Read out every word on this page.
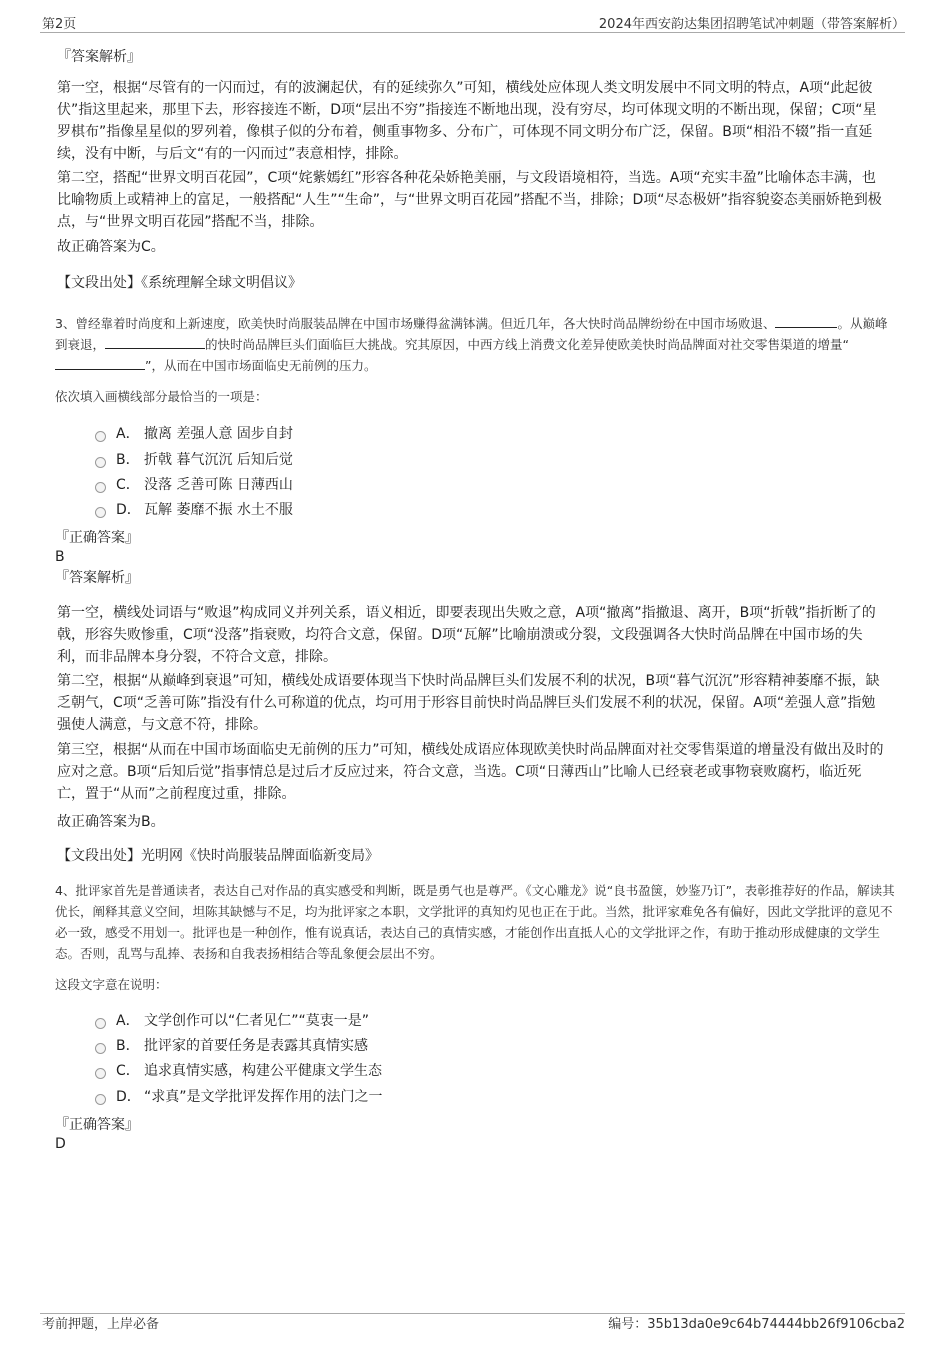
第2页	2024年西安韵达集团招聘笔试冲刺题（带答案解析）
『答案解析』
第一空，根据“尽管有的一闪而过，有的波澜起伏，有的延续弥久”可知，横线处应体现人类文明发展中不同文明的特点，A项“此起彼伏”指这里起来，那里下去，形容接连不断，D项“层出不穷”指接连不断地出现，没有穷尽，均可体现文明的不断出现，保留；C项“星罗棋布”指像星星似的罗列着，像棋子似的分布着，侧重事物多、分布广，可体现不同文明分布广泛，保留。B项“相沿不辍”指一直延续，没有中断，与后文“有的一闪而过”表意相悖，排除。
第二空，搭配“世界文明百花园”，C项“姹紫嫣红”形容各种花朵娇艳美丽，与文段语境相符，当选。A项“充实丰盈”比喻体态丰满，也比喻物质上或精神上的富足，一般搭配“人生”“生命”，与“世界文明百花园”搭配不当，排除；D项“尽态极妍”指容貌姿态美丽娇艳到极点，与“世界文明百花园”搭配不当，排除。
故正确答案为C。
【文段出处】《系统理解全球文明倡议》
3、曾经靠着时尚度和上新速度，欧美快时尚服装品牌在中国市场赚得盆满钵满。但近几年，各大快时尚品牌纷纷在中国市场败退、	。从巅峰到衰退，	的快时尚品牌巨头们面临巨大挑战。究其原因，中西方线上消费文化差异使欧美快时尚品牌面对社交零售渠道的增量“”，从而在中国市场面临史无前例的压力。
依次填入画横线部分最恰当的一项是：
A． 撤离 差强人意 固步自封
B． 折戟 暮气沉沉 后知后觉
C． 没落 乏善可陈 日薄西山
D． 瓦解 萎靡不振 水土不服
『正确答案』
B
『答案解析』
第一空，横线处词语与“败退”构成同义并列关系，语义相近，即要表现出失败之意，A项“撤离”指撤退、离开，B项“折戟”指折断了的戟，形容失败惨重，C项“没落”指衰败，均符合文意，保留。D项“瓦解”比喻崩溃或分裂，文段强调各大快时尚品牌在中国市场的失利，而非品牌本身分裂，不符合文意，排除。
第二空，根据“从巅峰到衰退”可知，横线处成语要体现当下快时尚品牌巨头们发展不利的状况，B项“暮气沉沉”形容精神萎靡不振，缺乏朝气，C项“乏善可陈”指没有什么可称道的优点，均可用于形容目前快时尚品牌巨头们发展不利的状况，保留。A项“差强人意”指勉强使人满意，与文意不符，排除。
第三空，根据“从而在中国市场面临史无前例的压力”可知，横线处成语应体现欧美快时尚品牌面对社交零售渠道的增量没有做出及时的应对之意。B项“后知后觉”指事情总是过后才反应过来，符合文意，当选。C项“日薄西山”比喻人已经衰老或事物衰败腐朽，临近死亡，置于“从而”之前程度过重，排除。
故正确答案为B。
【文段出处】光明网《快时尚服装品牌面临新变局》
4、批评家首先是普通读者，表达自己对作品的真实感受和判断，既是勇气也是尊严。《文心雕龙》说“良书盈箧，妙鉴乃订”，表彰推荐好的作品，解读其优长，阐释其意义空间，坦陈其缺憾与不足，均为批评家之本职，文学批评的真知灼见也正在于此。当然，批评家难免各有偏好，因此文学批评的意见不必一致，感受不用划一。批评也是一种创作，惟有说真话，表达自己的真情实感，才能创作出直抵人心的文学批评之作，有助于推动形成健康的文学生态。否则，乱骂与乱捧、表扬和自我表扬相结合等乱象便会层出不穷。
这段文字意在说明：
A． 文学创作可以“仁者见仁”“莫衷一是”
B． 批评家的首要任务是表露其真情实感
C． 追求真情实感，构建公平健康文学生态
D． “求真”是文学批评发挥作用的法门之一
『正确答案』
D
考前押题，上岸必备	编号：35b13da0e9c64b74444bb26f9106cba2
